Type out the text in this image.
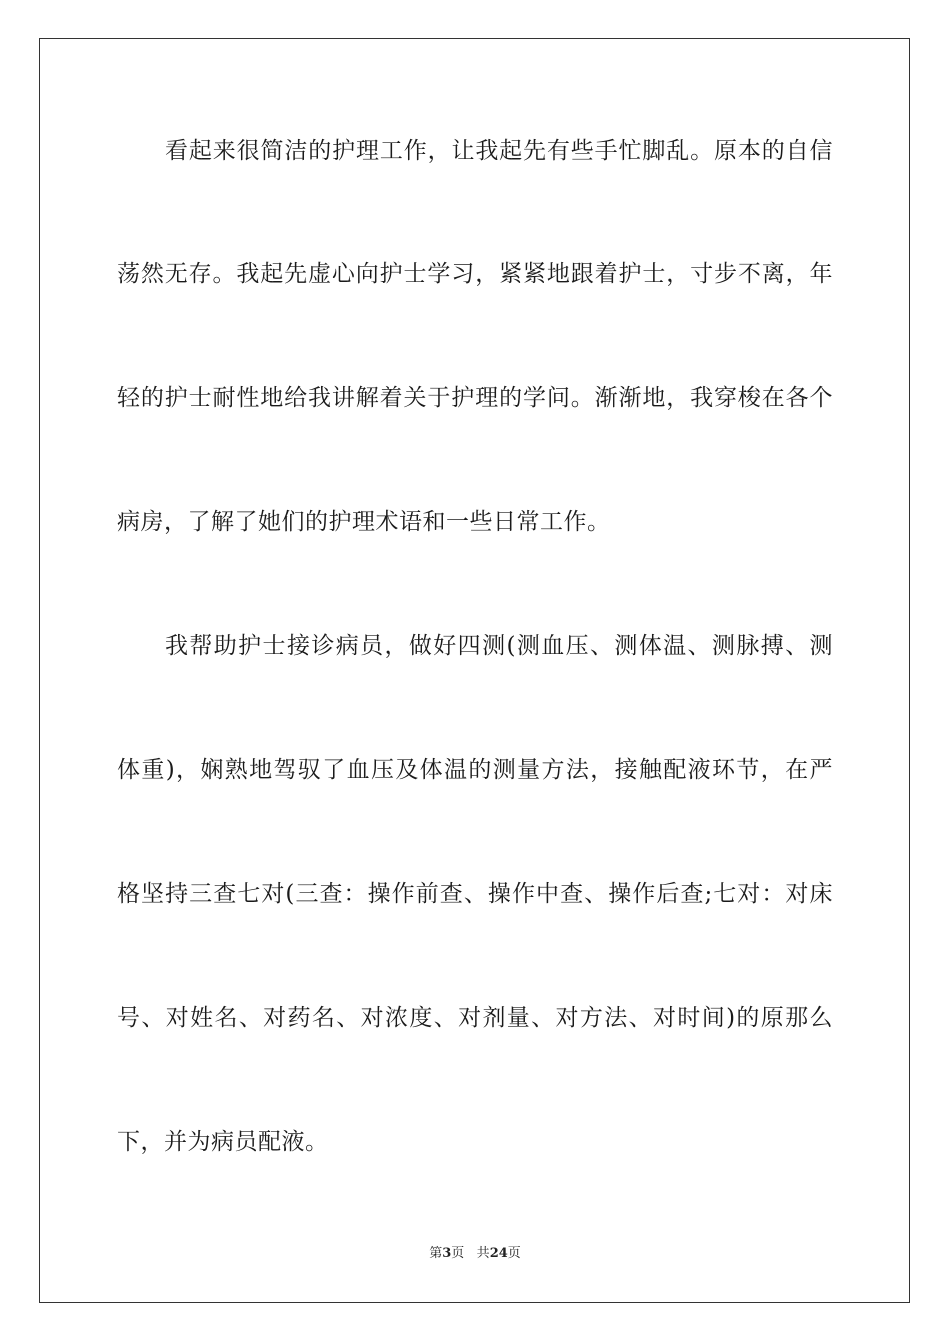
看起来很简洁的护理工作，让我起先有些手忙脚乱。原本的自信
荡然无存。我起先虚心向护士学习，紧紧地跟着护士，寸步不离，年
轻的护士耐性地给我讲解着关于护理的学问。渐渐地，我穿梭在各个
病房，了解了她们的护理术语和一些日常工作。
我帮助护士接诊病员，做好四测(测血压、测体温、测脉搏、测
体重)，娴熟地驾驭了血压及体温的测量方法，接触配液环节，在严
格坚持三查七对(三查：操作前查、操作中查、操作后查;七对：对床
号、对姓名、对药名、对浓度、对剂量、对方法、对时间)的原那么
下，并为病员配液。
第3页 共24页
